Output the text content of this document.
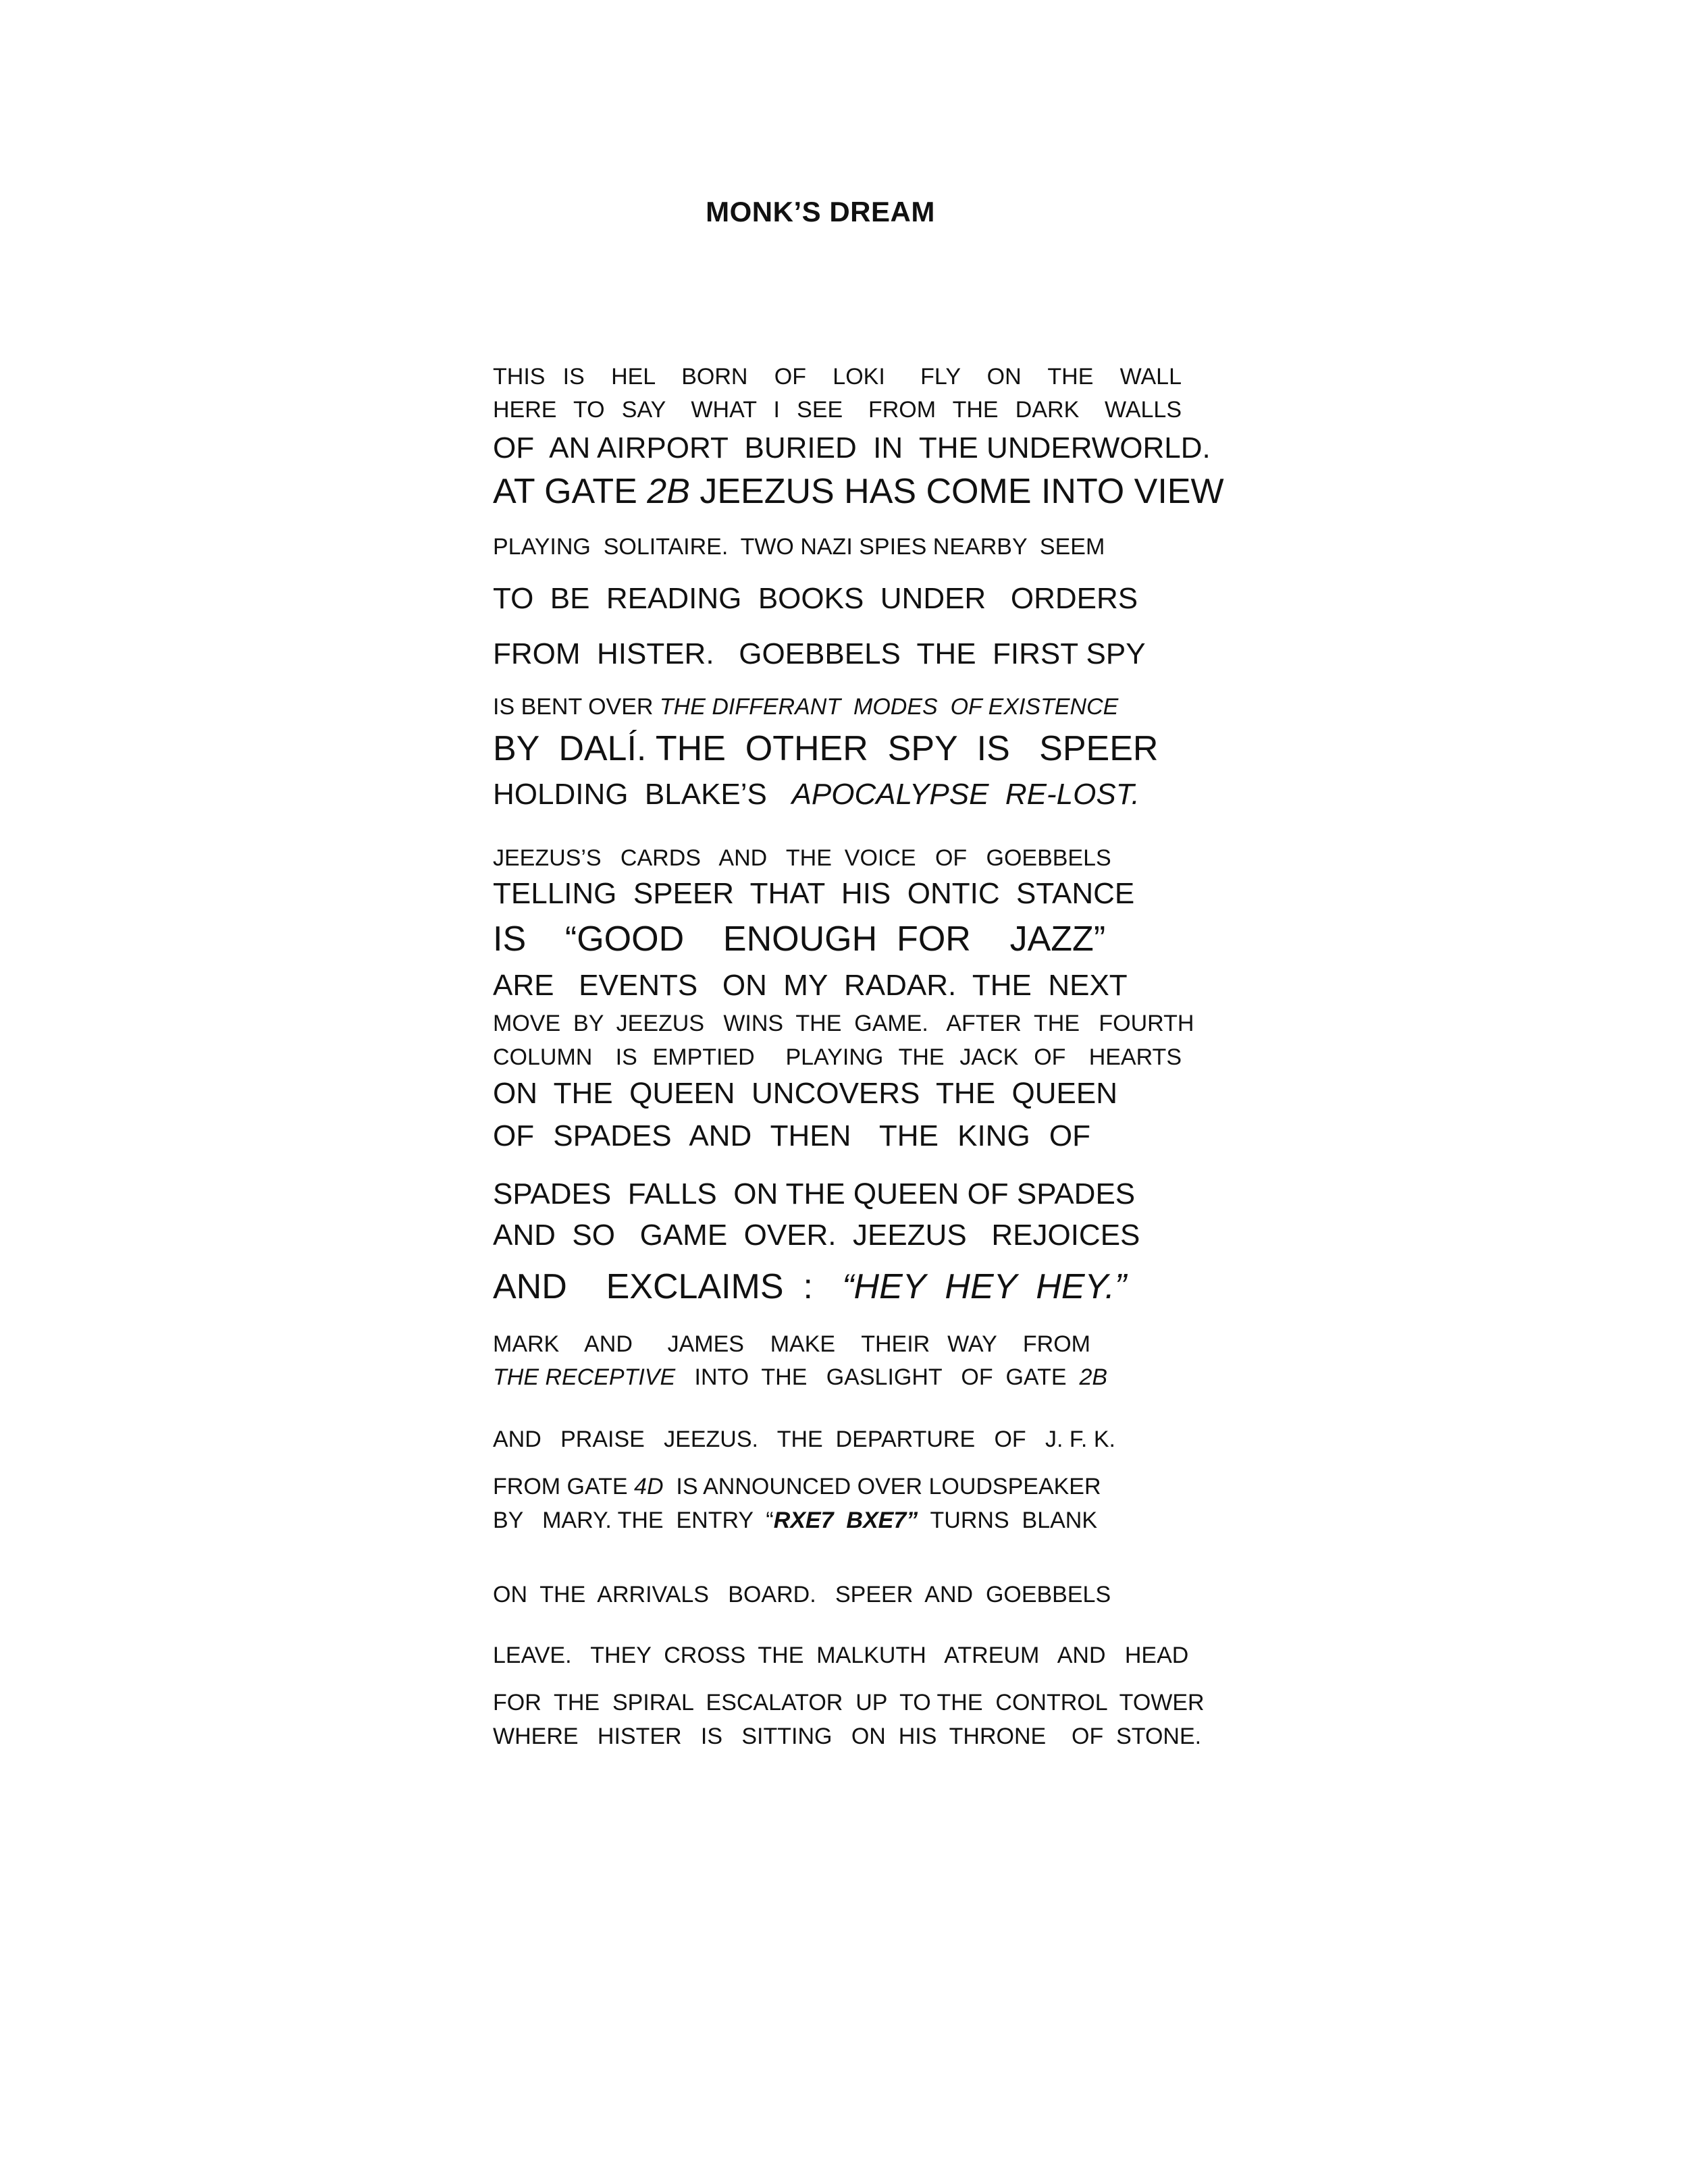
MONK’S DREAM
THIS  IS   HEL   BORN   OF   LOKI    FLY   ON   THE   WALL
HERE  TO  SAY   WHAT  I  SEE   FROM  THE  DARK   WALLS
OF  AN AIRPORT  BURIED  IN  THE UNDERWORLD.
AT GATE 2B JEEZUS HAS COME INTO VIEW
PLAYING  SOLITAIRE.  TWO NAZI SPIES NEARBY  SEEM
TO  BE  READING  BOOKS  UNDER   ORDERS
FROM  HISTER.   GOEBBELS  THE  FIRST SPY
IS BENT OVER THE DIFFERANT  MODES  OF EXISTENCE
BY  DALÍ. THE  OTHER  SPY  IS   SPEER
HOLDING  BLAKE’S   APOCALYPSE  RE-LOST.
JEEZUS’S   CARDS   AND   THE  VOICE   OF   GOEBBELS
TELLING  SPEER  THAT  HIS  ONTIC  STANCE
IS    “GOOD    ENOUGH  FOR    JAZZ”
ARE   EVENTS   ON  MY  RADAR.  THE  NEXT
MOVE  BY  JEEZUS   WINS  THE  GAME.   AFTER  THE   FOURTH
COLUMN   IS  EMPTIED    PLAYING  THE  JACK  OF   HEARTS
ON  THE  QUEEN  UNCOVERS  THE  QUEEN
OF  SPADES  AND  THEN   THE  KING  OF
SPADES  FALLS  ON THE QUEEN OF SPADES
AND  SO   GAME  OVER.  JEEZUS   REJOICES
AND    EXCLAIMS  :   “HEY  HEY  HEY.”
MARK   AND    JAMES   MAKE   THEIR  WAY   FROM
THE RECEPTIVE   INTO  THE   GASLIGHT   OF  GATE  2B
AND   PRAISE   JEEZUS.   THE  DEPARTURE   OF   J. F. K.
FROM GATE 4D  IS ANNOUNCED OVER LOUDSPEAKER
BY   MARY. THE  ENTRY  “RXE7  BXE7”  TURNS  BLANK
ON  THE  ARRIVALS   BOARD.   SPEER  AND  GOEBBELS
LEAVE.   THEY  CROSS  THE  MALKUTH   ATREUM   AND   HEAD
FOR  THE  SPIRAL  ESCALATOR  UP  TO THE  CONTROL  TOWER
WHERE   HISTER   IS   SITTING   ON  HIS  THRONE    OF  STONE.
